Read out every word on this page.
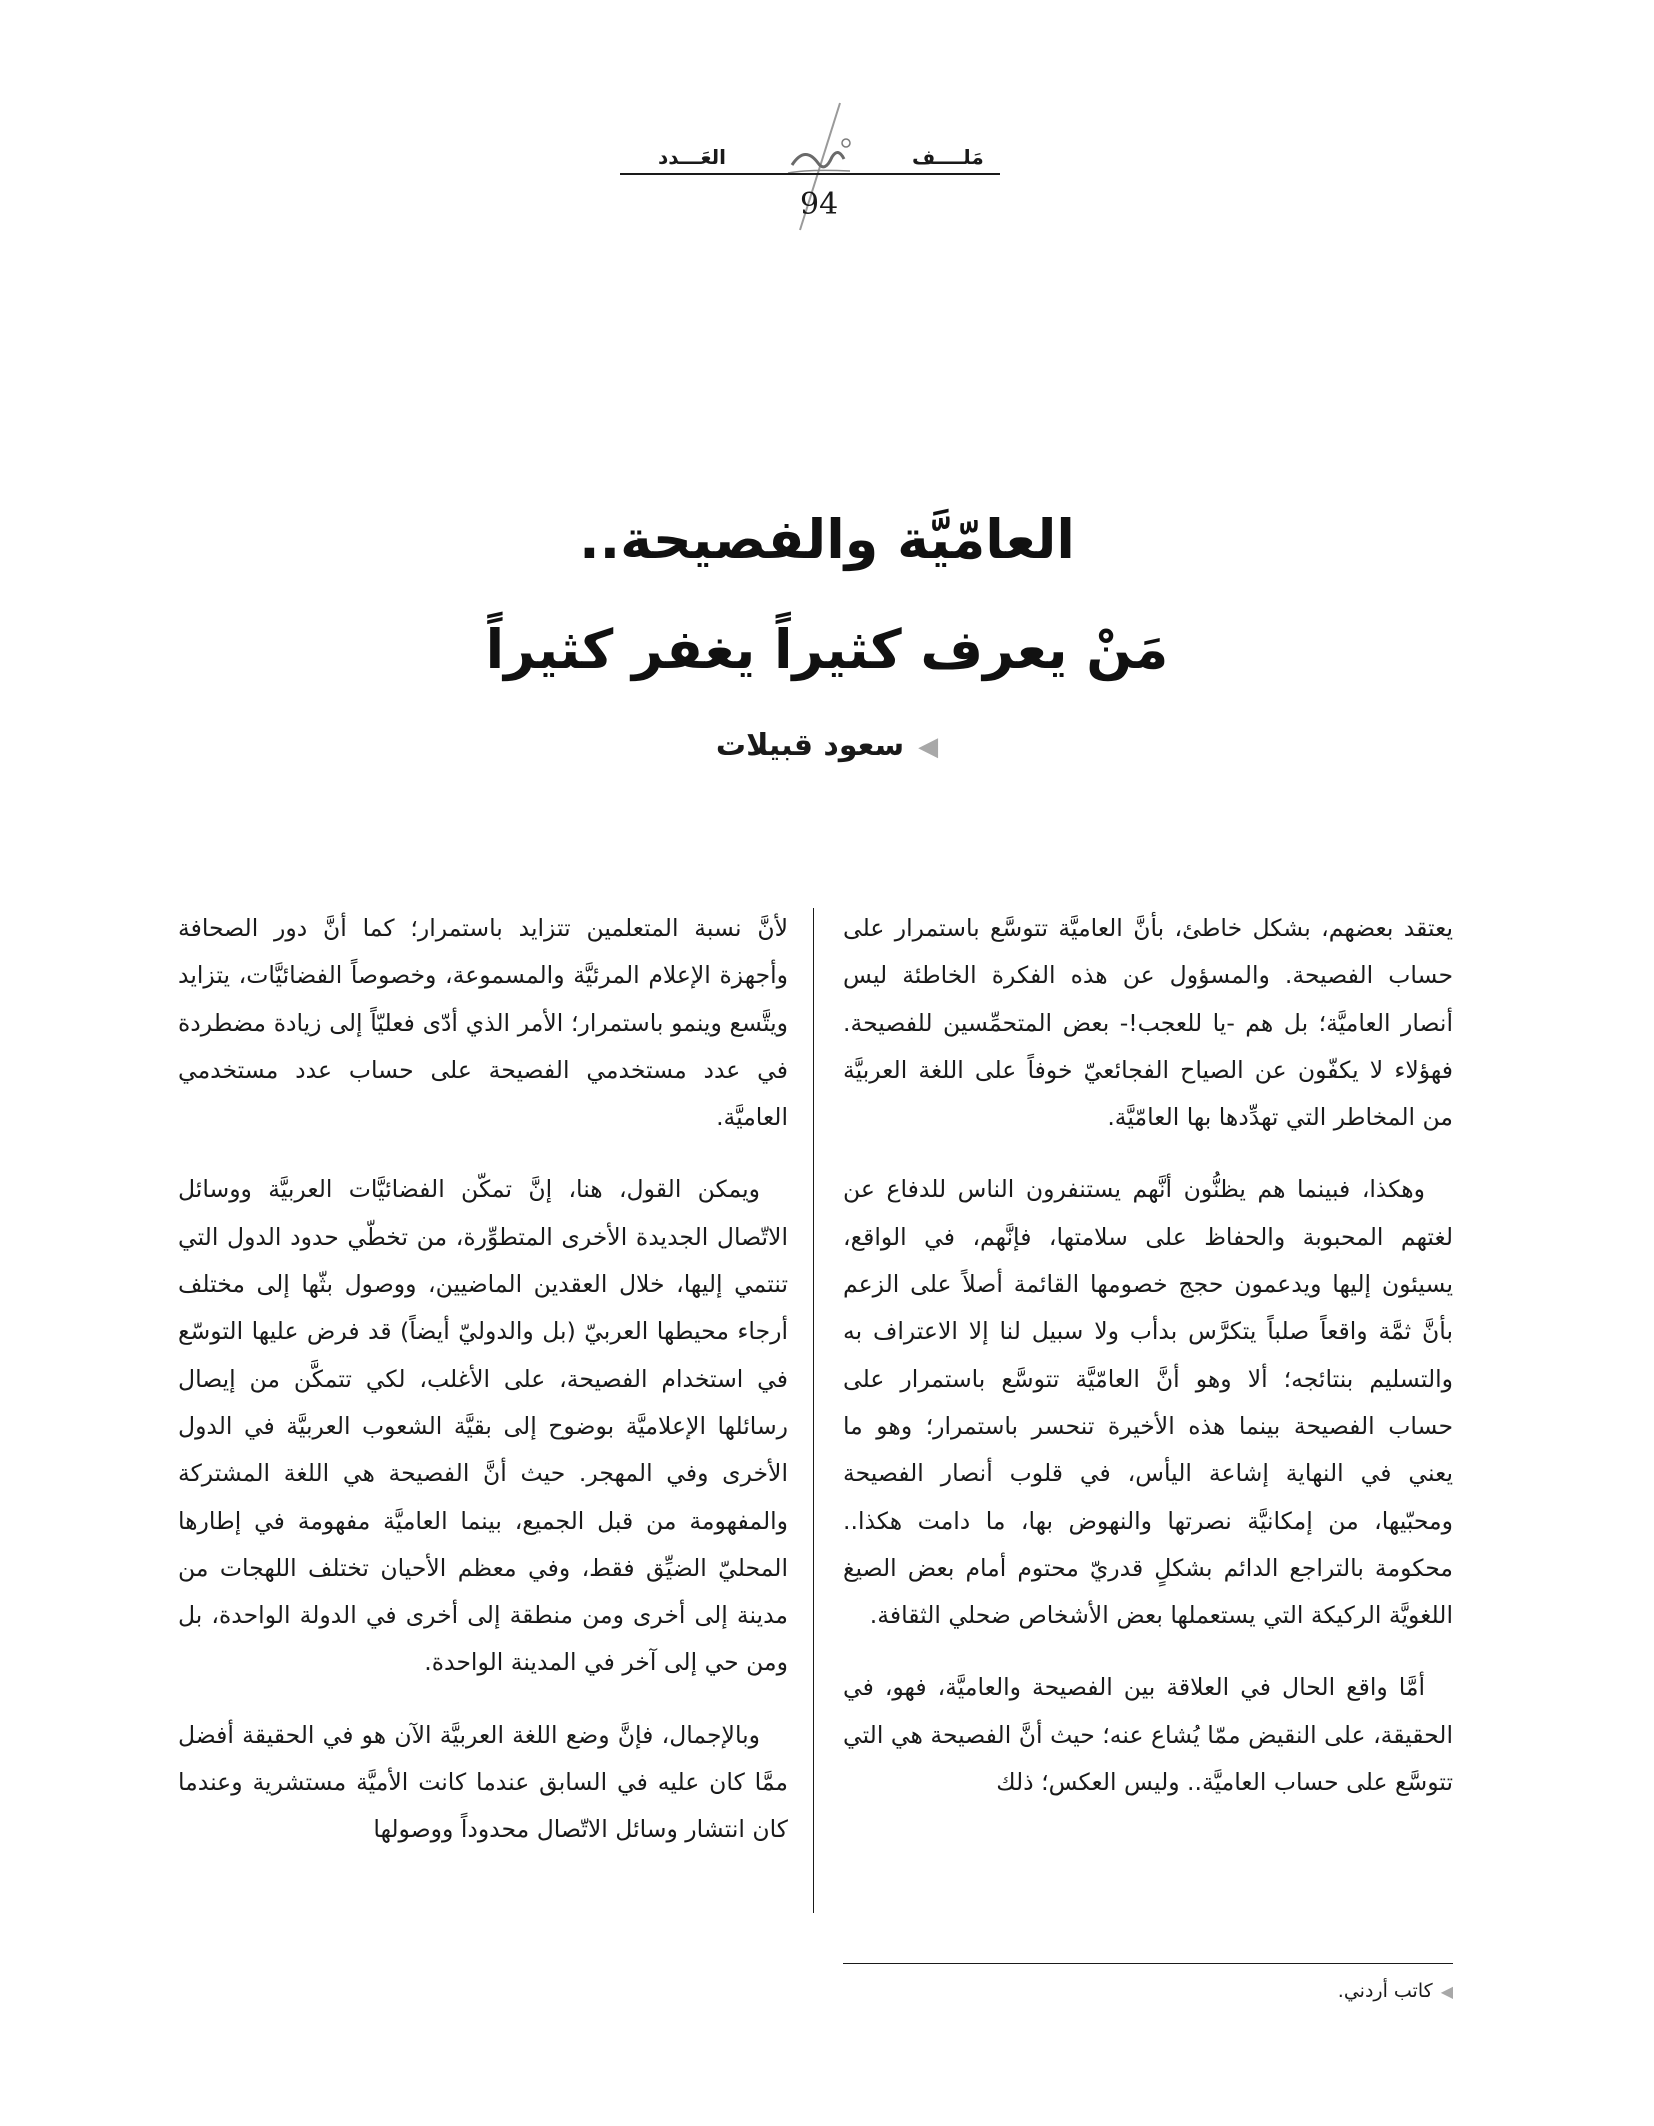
العَـــدد	مَلــــف
94

العامّيَّة والفصيحة..

مَنْ يعرف كثيراً يغفر كثيراً

◀سعود قبيلات

يعتقد بعضهم، بشكل خاطئ، بأنَّ العاميَّة تتوسَّع باستمرار على حساب الفصيحة. والمسؤول عن هذه الفكرة الخاطئة ليس أنصار العاميَّة؛ بل هم -يا للعجب!- بعض المتحمِّسين للفصيحة. فهؤلاء لا يكفّون عن الصياح الفجائعيّ خوفاً على اللغة العربيَّة من المخاطر التي تهدِّدها بها العامّيَّة.

وهكذا، فبينما هم يظنُّون أنَّهم يستنفرون الناس للدفاع عن لغتهم المحبوبة والحفاظ على سلامتها، فإنَّهم، في الواقع، يسيئون إليها ويدعمون حجج خصومها القائمة أصلاً على الزعم بأنَّ ثمَّة واقعاً صلباً يتكرَّس بدأب ولا سبيل لنا إلا الاعتراف به والتسليم بنتائجه؛ ألا وهو أنَّ العامّيَّة تتوسَّع باستمرار على حساب الفصيحة بينما هذه الأخيرة تنحسر باستمرار؛ وهو ما يعني في النهاية إشاعة اليأس، في قلوب أنصار الفصيحة ومحبّيها، من إمكانيَّة نصرتها والنهوض بها، ما دامت هكذا.. محكومة بالتراجع الدائم بشكلٍ قدريّ محتوم أمام بعض الصيغ اللغويَّة الركيكة التي يستعملها بعض الأشخاص ضحلي الثقافة.

أمَّا واقع الحال في العلاقة بين الفصيحة والعاميَّة، فهو، في الحقيقة، على النقيض ممّا يُشاع عنه؛ حيث أنَّ الفصيحة هي التي تتوسَّع على حساب العاميَّة.. وليس العكس؛ ذلك

لأنَّ نسبة المتعلمين تتزايد باستمرار؛ كما أنَّ دور الصحافة وأجهزة الإعلام المرئيَّة والمسموعة، وخصوصاً الفضائيَّات، يتزايد ويتَّسع وينمو باستمرار؛ الأمر الذي أدّى فعليّاً إلى زيادة مضطردة في عدد مستخدمي الفصيحة على حساب عدد مستخدمي العاميَّة.

ويمكن القول، هنا، إنَّ تمكّن الفضائيَّات العربيَّة ووسائل الاتّصال الجديدة الأخرى المتطوِّرة، من تخطّي حدود الدول التي تنتمي إليها، خلال العقدين الماضيين، ووصول بثّها إلى مختلف أرجاء محيطها العربيّ (بل والدوليّ أيضاً) قد فرض عليها التوسّع في استخدام الفصيحة، على الأغلب، لكي تتمكَّن من إيصال رسائلها الإعلاميَّة بوضوح إلى بقيَّة الشعوب العربيَّة في الدول الأخرى وفي المهجر. حيث أنَّ الفصيحة هي اللغة المشتركة والمفهومة من قبل الجميع، بينما العاميَّة مفهومة في إطارها المحليّ الضيِّق فقط، وفي معظم الأحيان تختلف اللهجات من مدينة إلى أخرى ومن منطقة إلى أخرى في الدولة الواحدة، بل ومن حي إلى آخر في المدينة الواحدة.

وبالإجمال، فإنَّ وضع اللغة العربيَّة الآن هو في الحقيقة أفضل ممَّا كان عليه في السابق عندما كانت الأميَّة مستشرية وعندما كان انتشار وسائل الاتّصال محدوداً ووصولها

◀كاتب أردني.
